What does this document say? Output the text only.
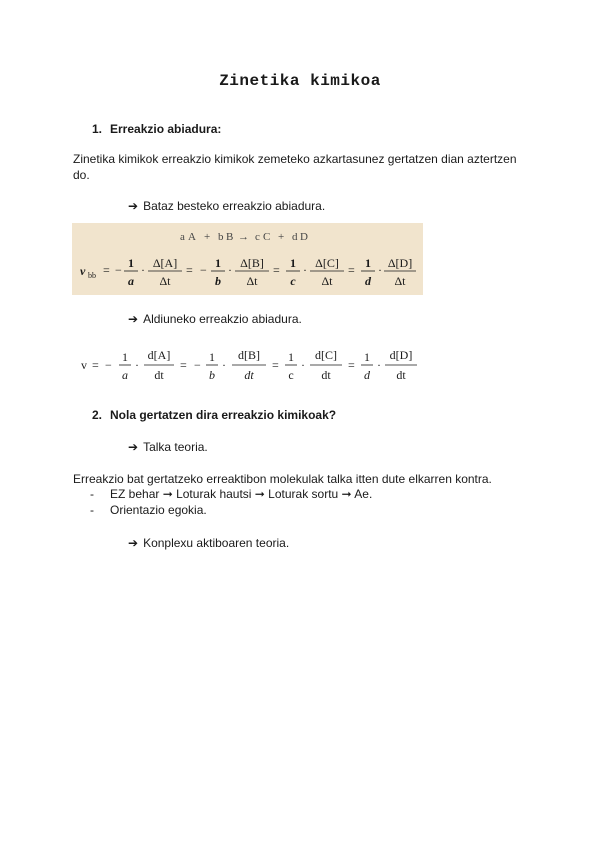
Zinetika kimikoa
1. Erreakzio abiadura:
Zinetika kimikok erreakzio kimikok zemeteko azkartasunez gertatzen dian aztertzen do.
➔ Bataz besteko erreakzio abiadura.
a A + b B → c C + d D
v bb = − 1
a
· Δ[A]
Δt
= − 1
b
· Δ[B]
Δt
= 1
c
· Δ[C]
Δt
= 1
d
· Δ[D]
Δt
➔ Aldiuneko erreakzio abiadura.
v = −
1
a
·
d[A]
dt
= −
1
b
·
d[B]
dt
=
1
c
·
d[C]
dt
=
1
d
·
d[D]
dt
2. Nola gertatzen dira erreakzio kimikoak?
➔ Talka teoria.
Erreakzio bat gertatzeko erreaktibon molekulak talka itten dute elkarren kontra.
- EZ behar ➞ Loturak hautsi ➞ Loturak sortu ➞ Ae.
- Orientazio egokia.
➔ Konplexu aktiboaren teoria.
